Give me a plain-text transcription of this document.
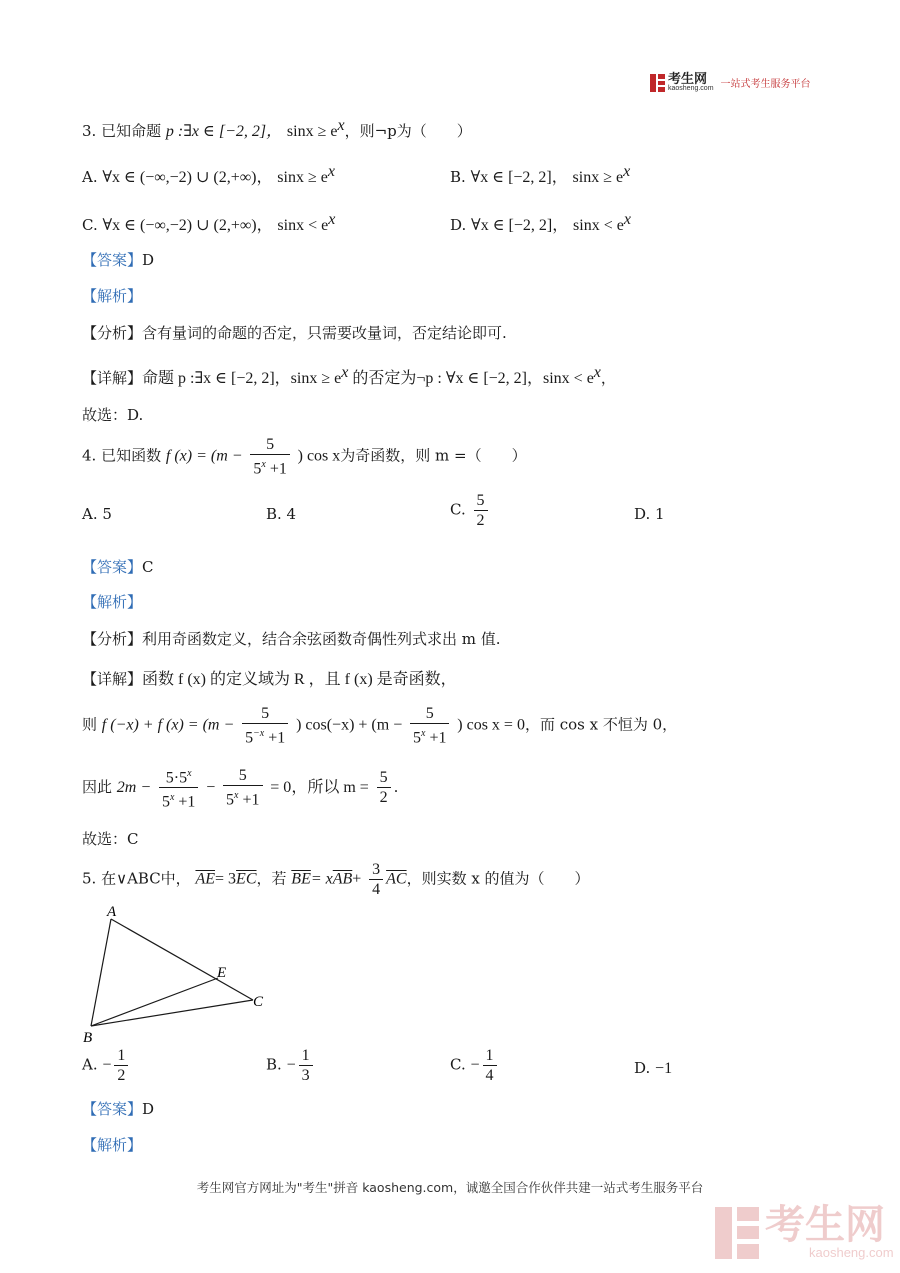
考生网
kaosheng.com 一站式考生服务平台
3. 已知命题 p :∃x ∈ [−2, 2]， $\sin x \ge e^x$，则¬p为（　　）
A. ∀x ∈ (−∞,−2) ∪ (2,+∞)， $\sin x \ge e^x$	B. ∀x ∈ [−2, 2]， $\sin x \ge e^x$
C. ∀x ∈ (−∞,−2) ∪ (2,+∞)， $\sin x < e^x$	D. ∀x ∈ [−2, 2]， $\sin x < e^x$
【答案】D
【解析】
【分析】含有量词的命题的否定，只需要改量词，否定结论即可.
【详解】命题 p :∃x ∈ [−2, 2]，$\sin x \ge e^x$ 的否定为¬p : ∀x ∈ [−2, 2]，$\sin x < e^x$，
故选：D.
4. 已知函数 f $(x) = (m - \frac{5}{5^x +1}$ ) cos x为奇函数，则 m =（　　）
A. 5	B. 4	C. $\frac{5}{2}$	D. 1
【答案】C
【解析】
【分析】利用奇函数定义，结合余弦函数奇偶性列式求出 m 值.
【详解】函数 f (x) 的定义域为 R ，且 f (x) 是奇函数，
则 f (−x) + f $(x) = (m - \frac{5}{5^{-x} +1}$ ) $\cos(-x) + (m - \frac{5}{5^x +1}$ ) cos x = 0，而 cos x 不恒为 0，
因此 $2m - \frac{5\cdot 5^x}{5^x +1} - \frac{5}{5^x +1} = 0$，所以 $m = \frac{5}{2}$ .
故选：C
5. 在∨ABC中， $\overline{AE}= 3\overline{EC}$，若 $\overline{BE}= x\overline{AB}+ \frac{3}{4} \overline{AC}$，则实数 x 的值为（　　）
A
B
C
E
A. − $\frac{1}{2}$	B. − $\frac{1}{3}$	C. − $\frac{1}{4}$	D. −1
【答案】D
【解析】
考生网官方网址为"考生"拼音 kaosheng.com，诚邀全国合作伙伴共建一站式考生服务平台
考生网
kaosheng.com
